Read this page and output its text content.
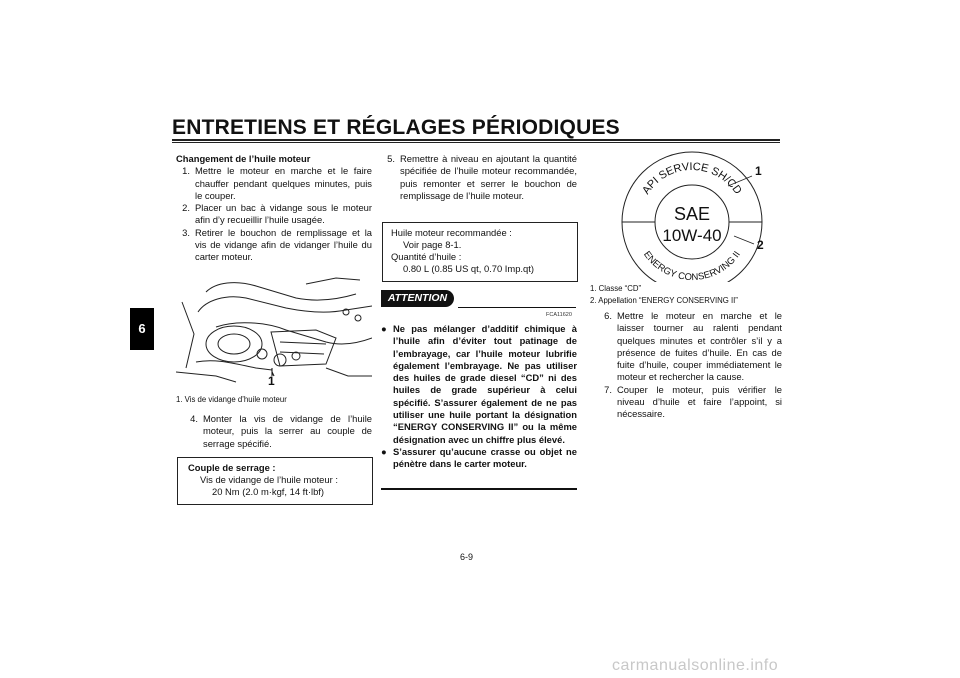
ENTRETIENS ET RÉGLAGES PÉRIODIQUES
6
Changement de l’huile moteur
1. Mettre le moteur en marche et le faire chauffer pendant quelques minutes, puis le couper.
2. Placer un bac à vidange sous le moteur afin d’y recueillir l’huile usagée.
3. Retirer le bouchon de remplissage et la vis de vidange afin de vidanger l’huile du carter moteur.
1
1. Vis de vidange d’huile moteur
4. Monter la vis de vidange de l’huile moteur, puis la serrer au couple de serrage spécifié.
Couple de serrage :
Vis de vidange de l’huile moteur :
20 Nm (2.0 m·kgf, 14 ft·lbf)
5. Remettre à niveau en ajoutant la quantité spécifiée de l’huile moteur recommandée, puis remonter et serrer le bouchon de remplissage de l’huile moteur.
Huile moteur recommandée :
Voir page 8-1.
Quantité d’huile :
0.80 L (0.85 US qt, 0.70 Imp.qt)
ATTENTION
FCA11620
● Ne pas mélanger d’additif chimique à l’huile afin d’éviter tout patinage de l’embrayage, car l’huile moteur lubrifie également l’embrayage. Ne pas utiliser des huiles de grade diesel “CD” ni des huiles de grade supérieur à celui spécifié. S’assurer également de ne pas utiliser une huile portant la désignation “ENERGY CONSERVING II” ou la même désignation avec un chiffre plus élevé.
● S’assurer qu’aucune crasse ou objet ne pénètre dans le carter moteur.
API SERVICE SH/CD
ENERGY CONSERVING II
SAE
10W-40
1
2
1. Classe “CD”
2. Appellation “ENERGY CONSERVING II”
6. Mettre le moteur en marche et le laisser tourner au ralenti pendant quelques minutes et contrôler s’il y a présence de fuites d’huile. En cas de fuite d’huile, couper immédiatement le moteur et rechercher la cause.
7. Couper le moteur, puis vérifier le niveau d’huile et faire l’appoint, si nécessaire.
6-9
carmanualsonline.info
